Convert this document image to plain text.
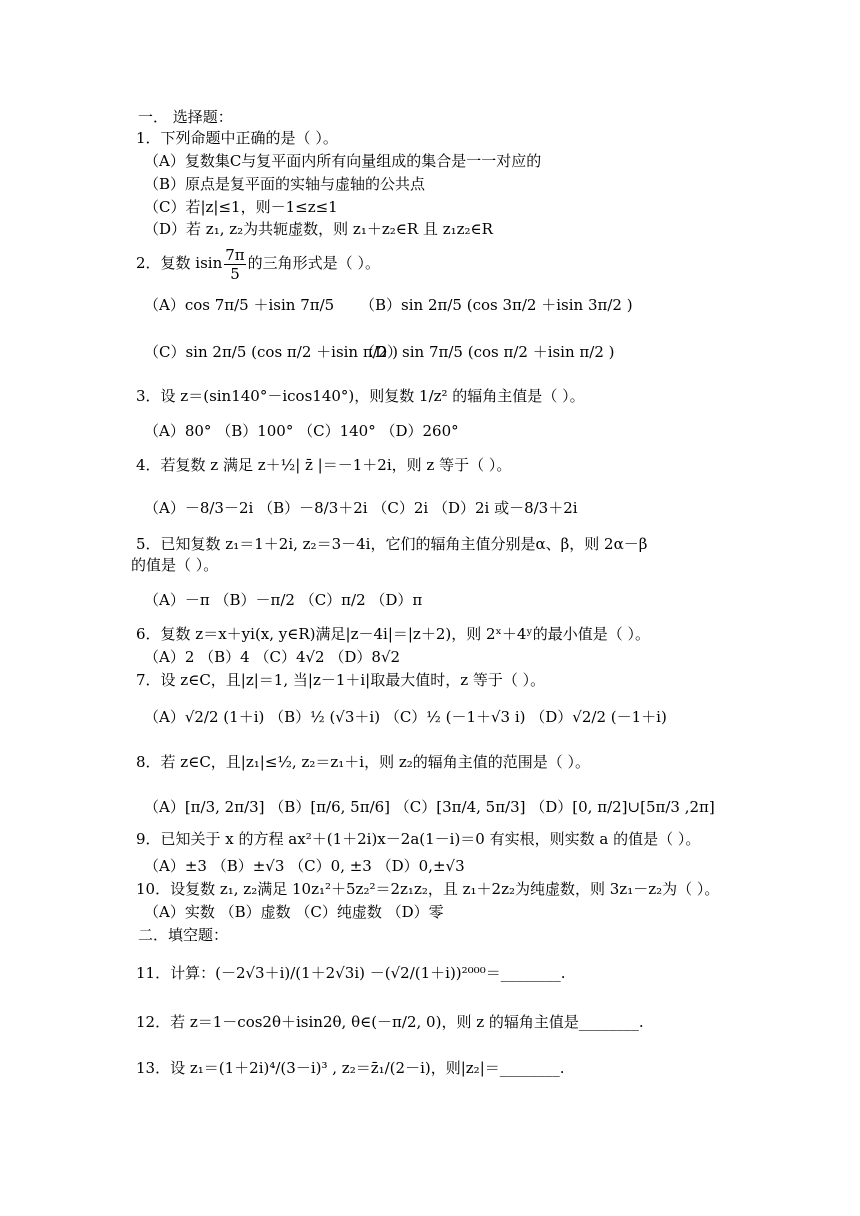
一． 选择题：
1．下列命题中正确的是（ ）。
（A）复数集C与复平面内所有向量组成的集合是一一对应的
（B）原点是复平面的实轴与虚轴的公共点
（C）若|z|≤1，则－1≤z≤1
（D）若 z₁, z₂为共轭虚数，则 z₁＋z₂∈R 且 z₁z₂∈R
2．复数 isin $\frac{7\pi}{5}$ 的三角形式是（ ）。
（A）cos 7π/5 ＋isin 7π/5 （B）sin 2π/5 (cos 3π/2 ＋isin 3π/2 )
（C）sin 2π/5 (cos π/2 ＋isin π/2 )
（D）sin 7π/5 (cos π/2 ＋isin π/2 )
3．设 z＝(sin140°－icos140°)，则复数 1/z² 的辐角主值是（ ）。
（A）80° （B）100° （C）140° （D）260°
4．若复数 z 满足 z＋½| z̄ |＝－1＋2i，则 z 等于（ ）。
（A）－8/3－2i （B）－8/3＋2i （C）2i （D）2i 或－8/3＋2i
5．已知复数 z₁＝1＋2i, z₂＝3－4i，它们的辐角主值分别是α、β，则 2α－β
的值是（ ）。
（A）－π （B）－π/2 （C）π/2 （D）π
6．复数 z＝x＋yi(x, y∈R)满足|z－4i|＝|z＋2)，则 2ˣ＋4ʸ的最小值是（ ）。
（A）2 （B）4 （C）4√2 （D）8√2
7．设 z∈C，且|z|＝1, 当|z－1＋i|取最大值时，z 等于（ ）。
（A）√2/2 (1＋i) （B）½ (√3＋i) （C）½ (－1＋√3 i) （D）√2/2 (－1＋i)
8．若 z∈C，且|z₁|≤½, z₂＝z₁＋i，则 z₂的辐角主值的范围是（ ）。
（A）[π/3, 2π/3] （B）[π/6, 5π/6] （C）[3π/4, 5π/3] （D）[0, π/2]∪[5π/3 ,2π]
9．已知关于 x 的方程 ax²＋(1＋2i)x－2a(1－i)＝0 有实根，则实数 a 的值是（ ）。
（A）±3 （B）±√3 （C）0, ±3 （D）0,±√3
10．设复数 z₁, z₂满足 10z₁²＋5z₂²＝2z₁z₂，且 z₁＋2z₂为纯虚数，则 3z₁－z₂为（ ）。
（A）实数 （B）虚数 （C）纯虚数 （D）零
二．填空题：
11．计算：(－2√3＋i)/(1＋2√3i) －(√2/(1＋i))²⁰⁰⁰＝________.
12．若 z＝1－cos2θ＋isin2θ, θ∈(－π/2, 0)，则 z 的辐角主值是________.
13．设 z₁＝(1＋2i)⁴/(3－i)³ , z₂＝z̄₁/(2－i)，则|z₂|＝________.
